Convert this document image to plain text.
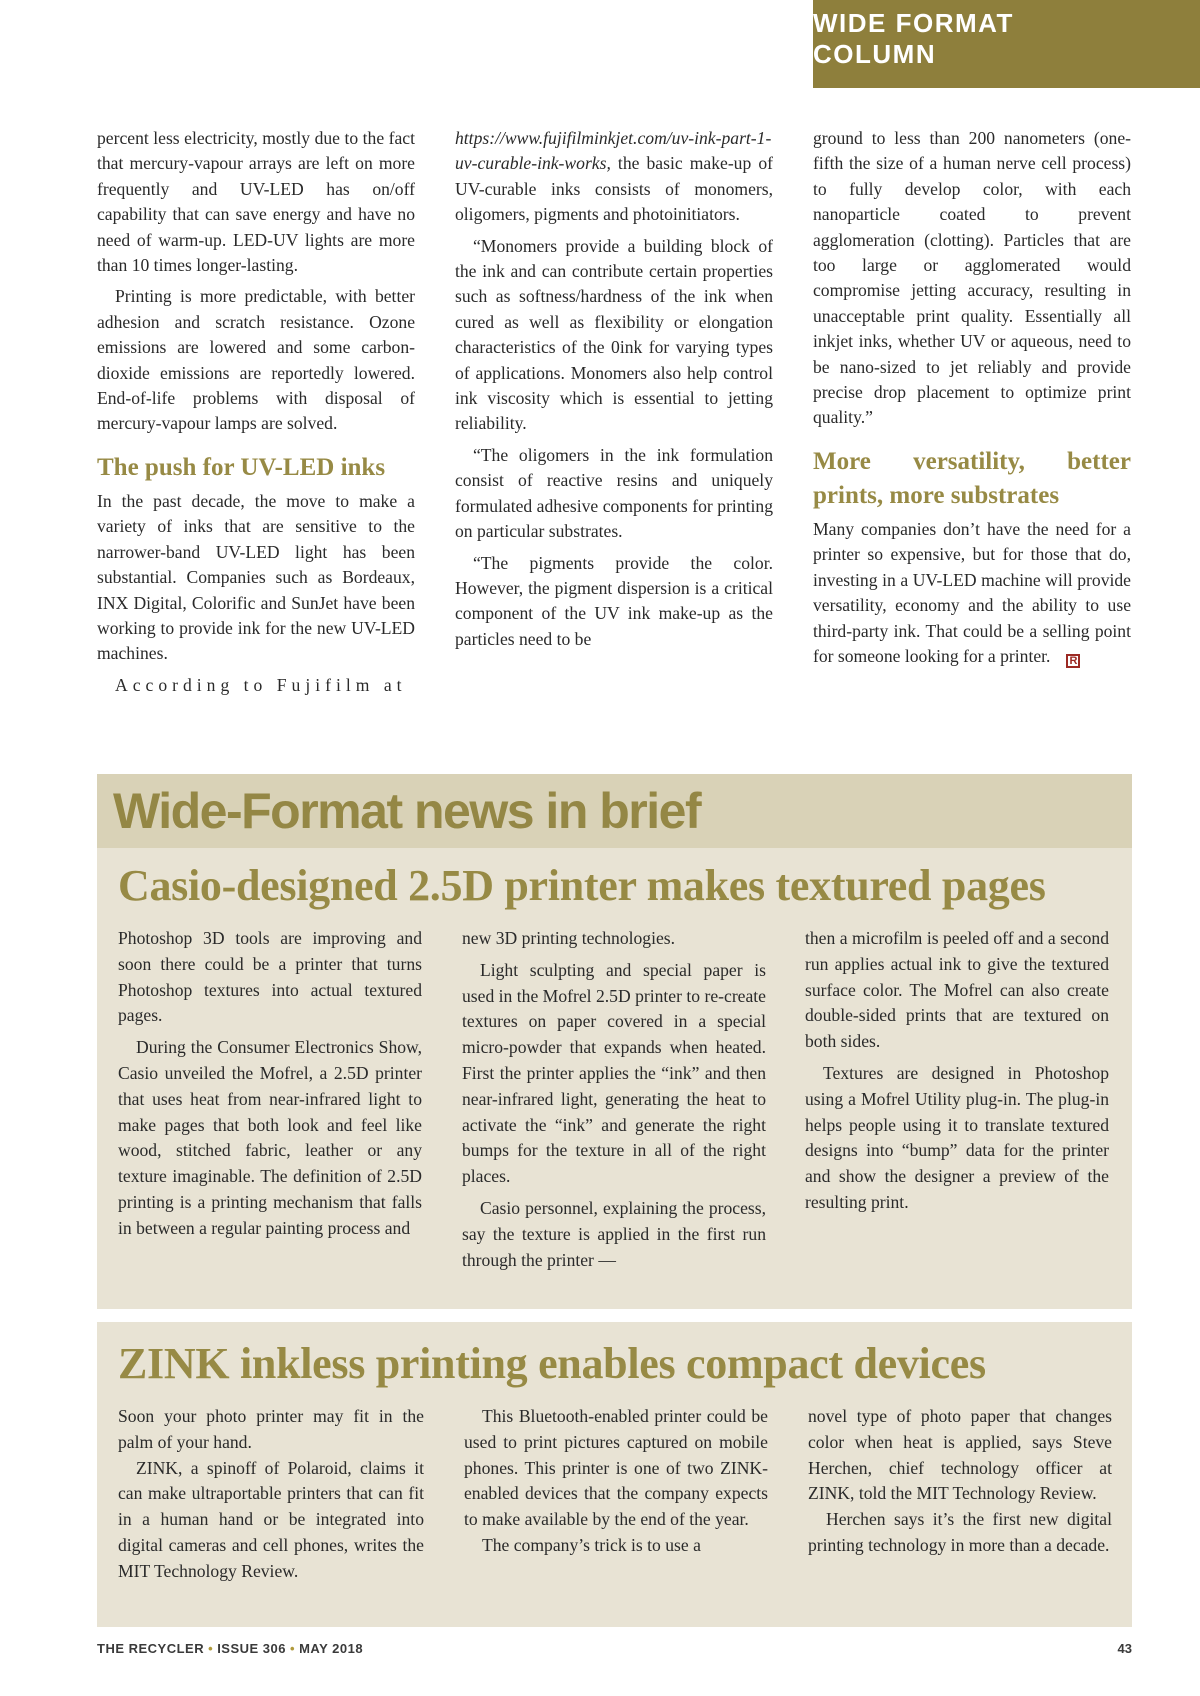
WIDE FORMAT COLUMN

percent less electricity, mostly due to the fact that mercury-vapour arrays are left on more frequently and UV-LED has on/off capability that can save energy and have no need of warm-up. LED-UV lights are more than 10 times longer-lasting.

Printing is more predictable, with better adhesion and scratch resistance. Ozone emissions are lowered and some carbon-dioxide emissions are reportedly lowered. End-of-life problems with disposal of mercury-vapour lamps are solved.

The push for UV-LED inks

In the past decade, the move to make a variety of inks that are sensitive to the narrower-band UV-LED light has been substantial. Companies such as Bordeaux, INX Digital, Colorific and SunJet have been working to provide ink for the new UV-LED machines.

According to Fujifilm at

https://www.fujifilminkjet.com/uv-ink-part-1-uv-curable-ink-works, the basic make-up of UV-curable inks consists of monomers, oligomers, pigments and photoinitiators.

“Monomers provide a building block of the ink and can contribute certain properties such as softness/hardness of the ink when cured as well as flexibility or elongation characteristics of the 0ink for varying types of applications. Monomers also help control ink viscosity which is essential to jetting reliability.

“The oligomers in the ink formulation consist of reactive resins and uniquely formulated adhesive components for printing on particular substrates.

“The pigments provide the color. However, the pigment dispersion is a critical component of the UV ink make-up as the particles need to be

ground to less than 200 nanometers (one-fifth the size of a human nerve cell process) to fully develop color, with each nanoparticle coated to prevent agglomeration (clotting). Particles that are too large or agglomerated would compromise jetting accuracy, resulting in unacceptable print quality. Essentially all inkjet inks, whether UV or aqueous, need to be nano-sized to jet reliably and provide precise drop placement to optimize print quality.”

More versatility, better prints, more substrates

Many companies don’t have the need for a printer so expensive, but for those that do, investing in a UV-LED machine will provide versatility, economy and the ability to use third-party ink. That could be a selling point for someone looking for a printer. R

Wide-Format news in brief
Casio-designed 2.5D printer makes textured pages

Photoshop 3D tools are improving and soon there could be a printer that turns Photoshop textures into actual textured pages.

During the Consumer Electronics Show, Casio unveiled the Mofrel, a 2.5D printer that uses heat from near-infrared light to make pages that both look and feel like wood, stitched fabric, leather or any texture imaginable. The definition of 2.5D printing is a printing mechanism that falls in between a regular painting process and

new 3D printing technologies.

Light sculpting and special paper is used in the Mofrel 2.5D printer to re-create textures on paper covered in a special micro-powder that expands when heated. First the printer applies the “ink” and then near-infrared light, generating the heat to activate the “ink” and generate the right bumps for the texture in all of the right places.

Casio personnel, explaining the process, say the texture is applied in the first run through the printer —

then a microfilm is peeled off and a second run applies actual ink to give the textured surface color. The Mofrel can also create double-sided prints that are textured on both sides.

Textures are designed in Photoshop using a Mofrel Utility plug-in. The plug-in helps people using it to translate textured designs into “bump” data for the printer and show the designer a preview of the resulting print.

ZINK inkless printing enables compact devices

Soon your photo printer may fit in the palm of your hand.

ZINK, a spinoff of Polaroid, claims it can make ultraportable printers that can fit in a human hand or be integrated into digital cameras and cell phones, writes the MIT Technology Review.

This Bluetooth-enabled printer could be used to print pictures captured on mobile phones. This printer is one of two ZINK-enabled devices that the company expects to make available by the end of the year.

The company’s trick is to use a

novel type of photo paper that changes color when heat is applied, says Steve Herchen, chief technology officer at ZINK, told the MIT Technology Review.

Herchen says it’s the first new digital printing technology in more than a decade.

THE RECYCLER • ISSUE 306 • MAY 2018	43
